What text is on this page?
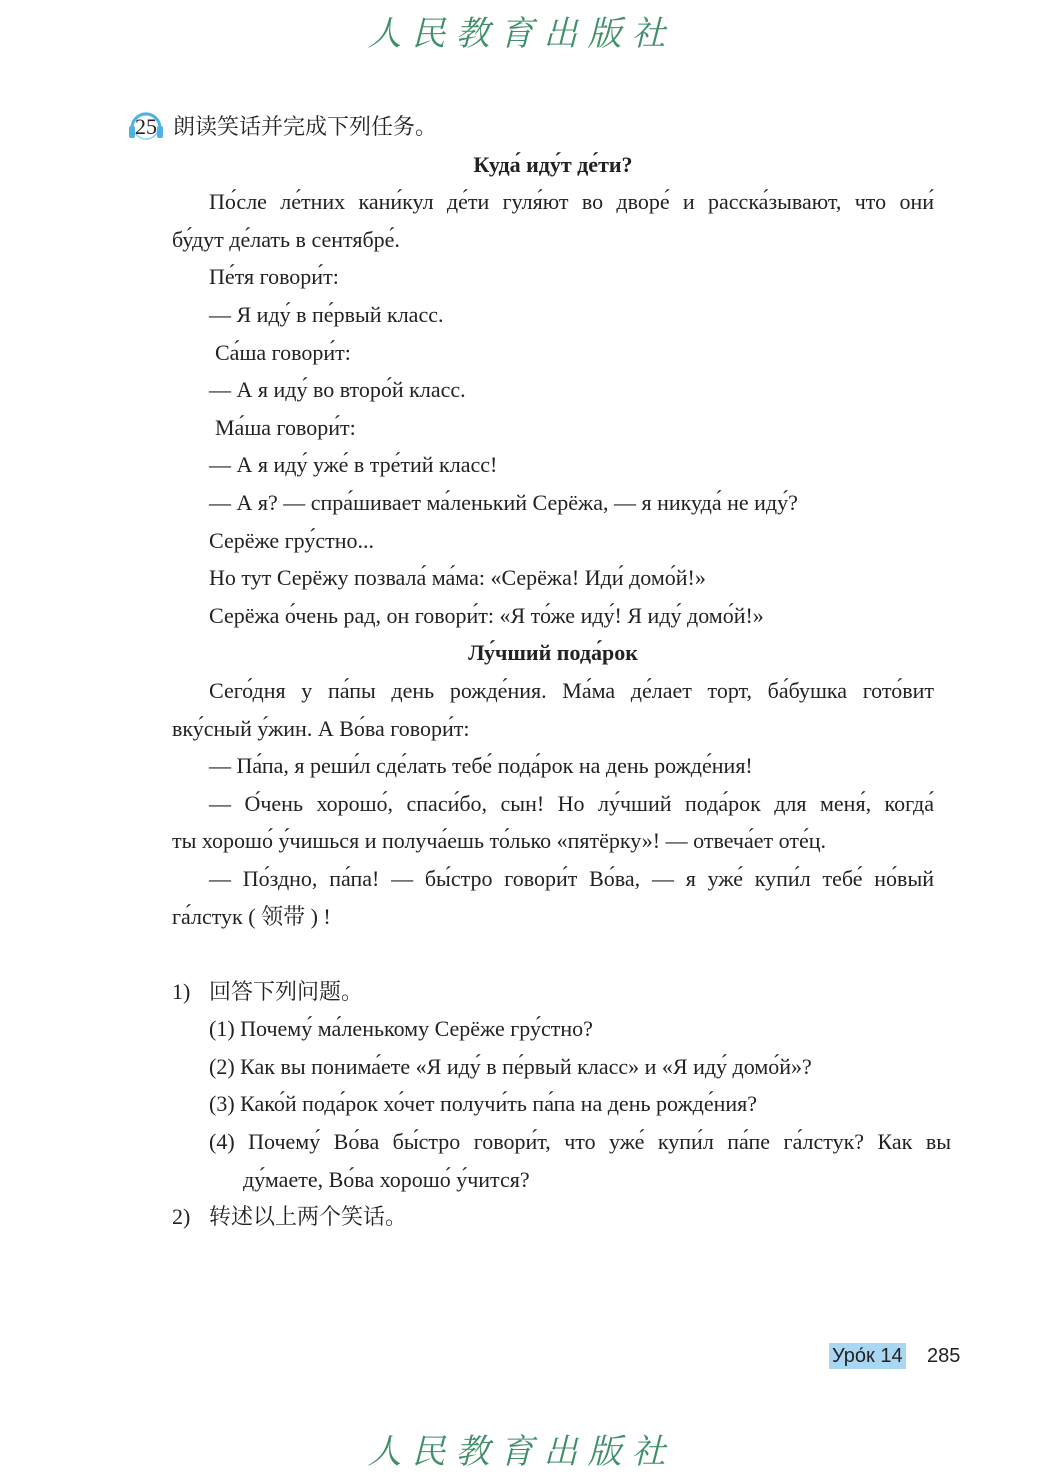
人民教育出版社
25 朗读笑话并完成下列任务。
Куда́ иду́т де́ти?
По́сле ле́тних кани́кул де́ти гуля́ют во дворе́ и расска́зывают, что они́
бу́дут де́лать в сентябре́.
Пе́тя говори́т:
— Я иду́ в пе́рвый класс.
Са́ша говори́т:
— А я иду́ во второ́й класс.
Ма́ша говори́т:
— А я иду́ уже́ в тре́тий класс!
— А я? — спра́шивает ма́ленький Серёжа, — я никуда́ не иду́?
Серёже гру́стно...
Но тут Серёжу позвала́ ма́ма: «Серёжа! Иди́ домо́й!»
Серёжа о́чень рад, он говори́т: «Я то́же иду́! Я иду́ домо́й!»
Лу́чший пода́рок
Сего́дня у па́пы день рожде́ния. Ма́ма де́лает торт, ба́бушка гото́вит
вку́сный у́жин. А Во́ва говори́т:
— Па́па, я реши́л сде́лать тебе́ пода́рок на день рожде́ния!
— О́чень хорошо́, спаси́бо, сын! Но лу́чший пода́рок для меня́, когда́
ты хорошо́ у́чишься и получа́ешь то́лько «пятёрку»! — отвеча́ет оте́ц.
— По́здно, па́па! — бы́стро говори́т Во́ва, — я уже́ купи́л тебе́ но́вый
га́лстук ( 领带 ) !
1) 回答下列问题。
(1) Почему́ ма́ленькому Серёже гру́стно?
(2) Как вы понима́ете «Я иду́ в пе́рвый класс» и «Я иду́ домо́й»?
(3) Како́й пода́рок хо́чет получи́ть па́па на день рожде́ния?
(4) Почему́ Во́ва бы́стро говори́т, что уже́ купи́л па́пе га́лстук? Как вы
ду́маете, Во́ва хорошо́ у́чится?
2) 转述以上两个笑话。
Уро́к 14 285
人民教育出版社
